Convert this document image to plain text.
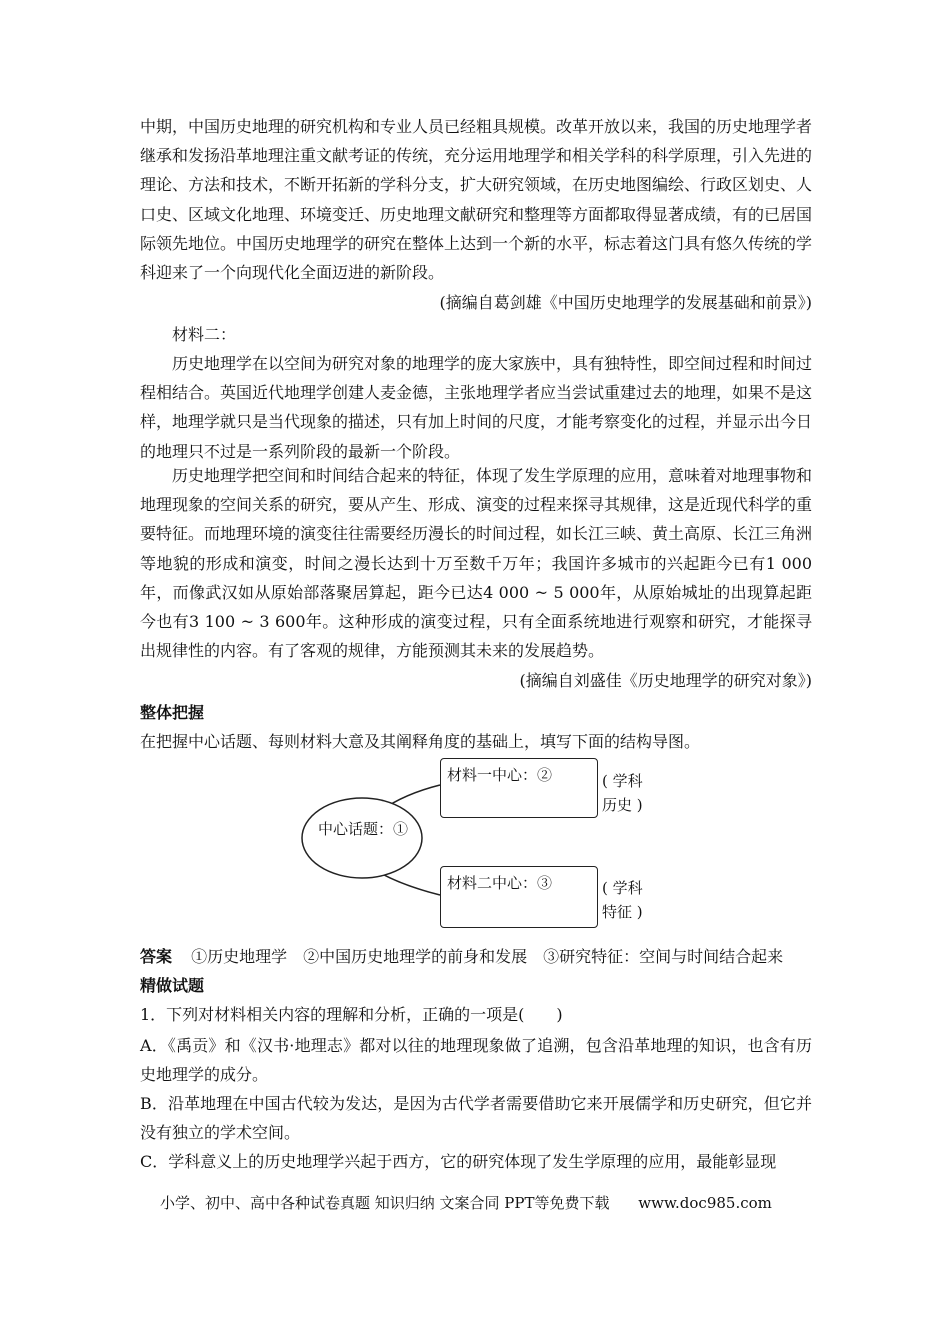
中期，中国历史地理的研究机构和专业人员已经粗具规模。改革开放以来，我国的历史地理学者继承和发扬沿革地理注重文献考证的传统，充分运用地理学和相关学科的科学原理，引入先进的理论、方法和技术，不断开拓新的学科分支，扩大研究领域，在历史地图编绘、行政区划史、人口史、区域文化地理、环境变迁、历史地理文献研究和整理等方面都取得显著成绩，有的已居国际领先地位。中国历史地理学的研究在整体上达到一个新的水平，标志着这门具有悠久传统的学科迎来了一个向现代化全面迈进的新阶段。
(摘编自葛剑雄《中国历史地理学的发展基础和前景》)
材料二：
历史地理学在以空间为研究对象的地理学的庞大家族中，具有独特性，即空间过程和时间过程相结合。英国近代地理学创建人麦金德，主张地理学者应当尝试重建过去的地理，如果不是这样，地理学就只是当代现象的描述，只有加上时间的尺度，才能考察变化的过程，并显示出今日的地理只不过是一系列阶段的最新一个阶段。
历史地理学把空间和时间结合起来的特征，体现了发生学原理的应用，意味着对地理事物和地理现象的空间关系的研究，要从产生、形成、演变的过程来探寻其规律，这是近现代科学的重要特征。而地理环境的演变往往需要经历漫长的时间过程，如长江三峡、黄土高原、长江三角洲等地貌的形成和演变，时间之漫长达到十万至数千万年；我国许多城市的兴起距今已有1 000年，而像武汉如从原始部落聚居算起，距今已达4 000 ~ 5 000年，从原始城址的出现算起距今也有3 100 ~ 3 600年。这种形成的演变过程，只有全面系统地进行观察和研究，才能探寻出规律性的内容。有了客观的规律，方能预测其未来的发展趋势。
(摘编自刘盛佳《历史地理学的研究对象》)
整体把握
在把握中心话题、每则材料大意及其阐释角度的基础上，填写下面的结构导图。
中心话题：①
材料一中心：②	( 学科历史 )
材料二中心：③	( 学科特征 )
答案 ①历史地理学　②中国历史地理学的前身和发展　③研究特征：空间与时间结合起来
精做试题
1．下列对材料相关内容的理解和分析，正确的一项是(　　)
A．《禹贡》和《汉书·地理志》都对以往的地理现象做了追溯，包含沿革地理的知识，也含有历史地理学的成分。
B．沿革地理在中国古代较为发达，是因为古代学者需要借助它来开展儒学和历史研究，但它并没有独立的学术空间。
C．学科意义上的历史地理学兴起于西方，它的研究体现了发生学原理的应用，最能彰显现
小学、初中、高中各种试卷真题 知识归纳 文案合同 PPT等免费下载 www.doc985.com
